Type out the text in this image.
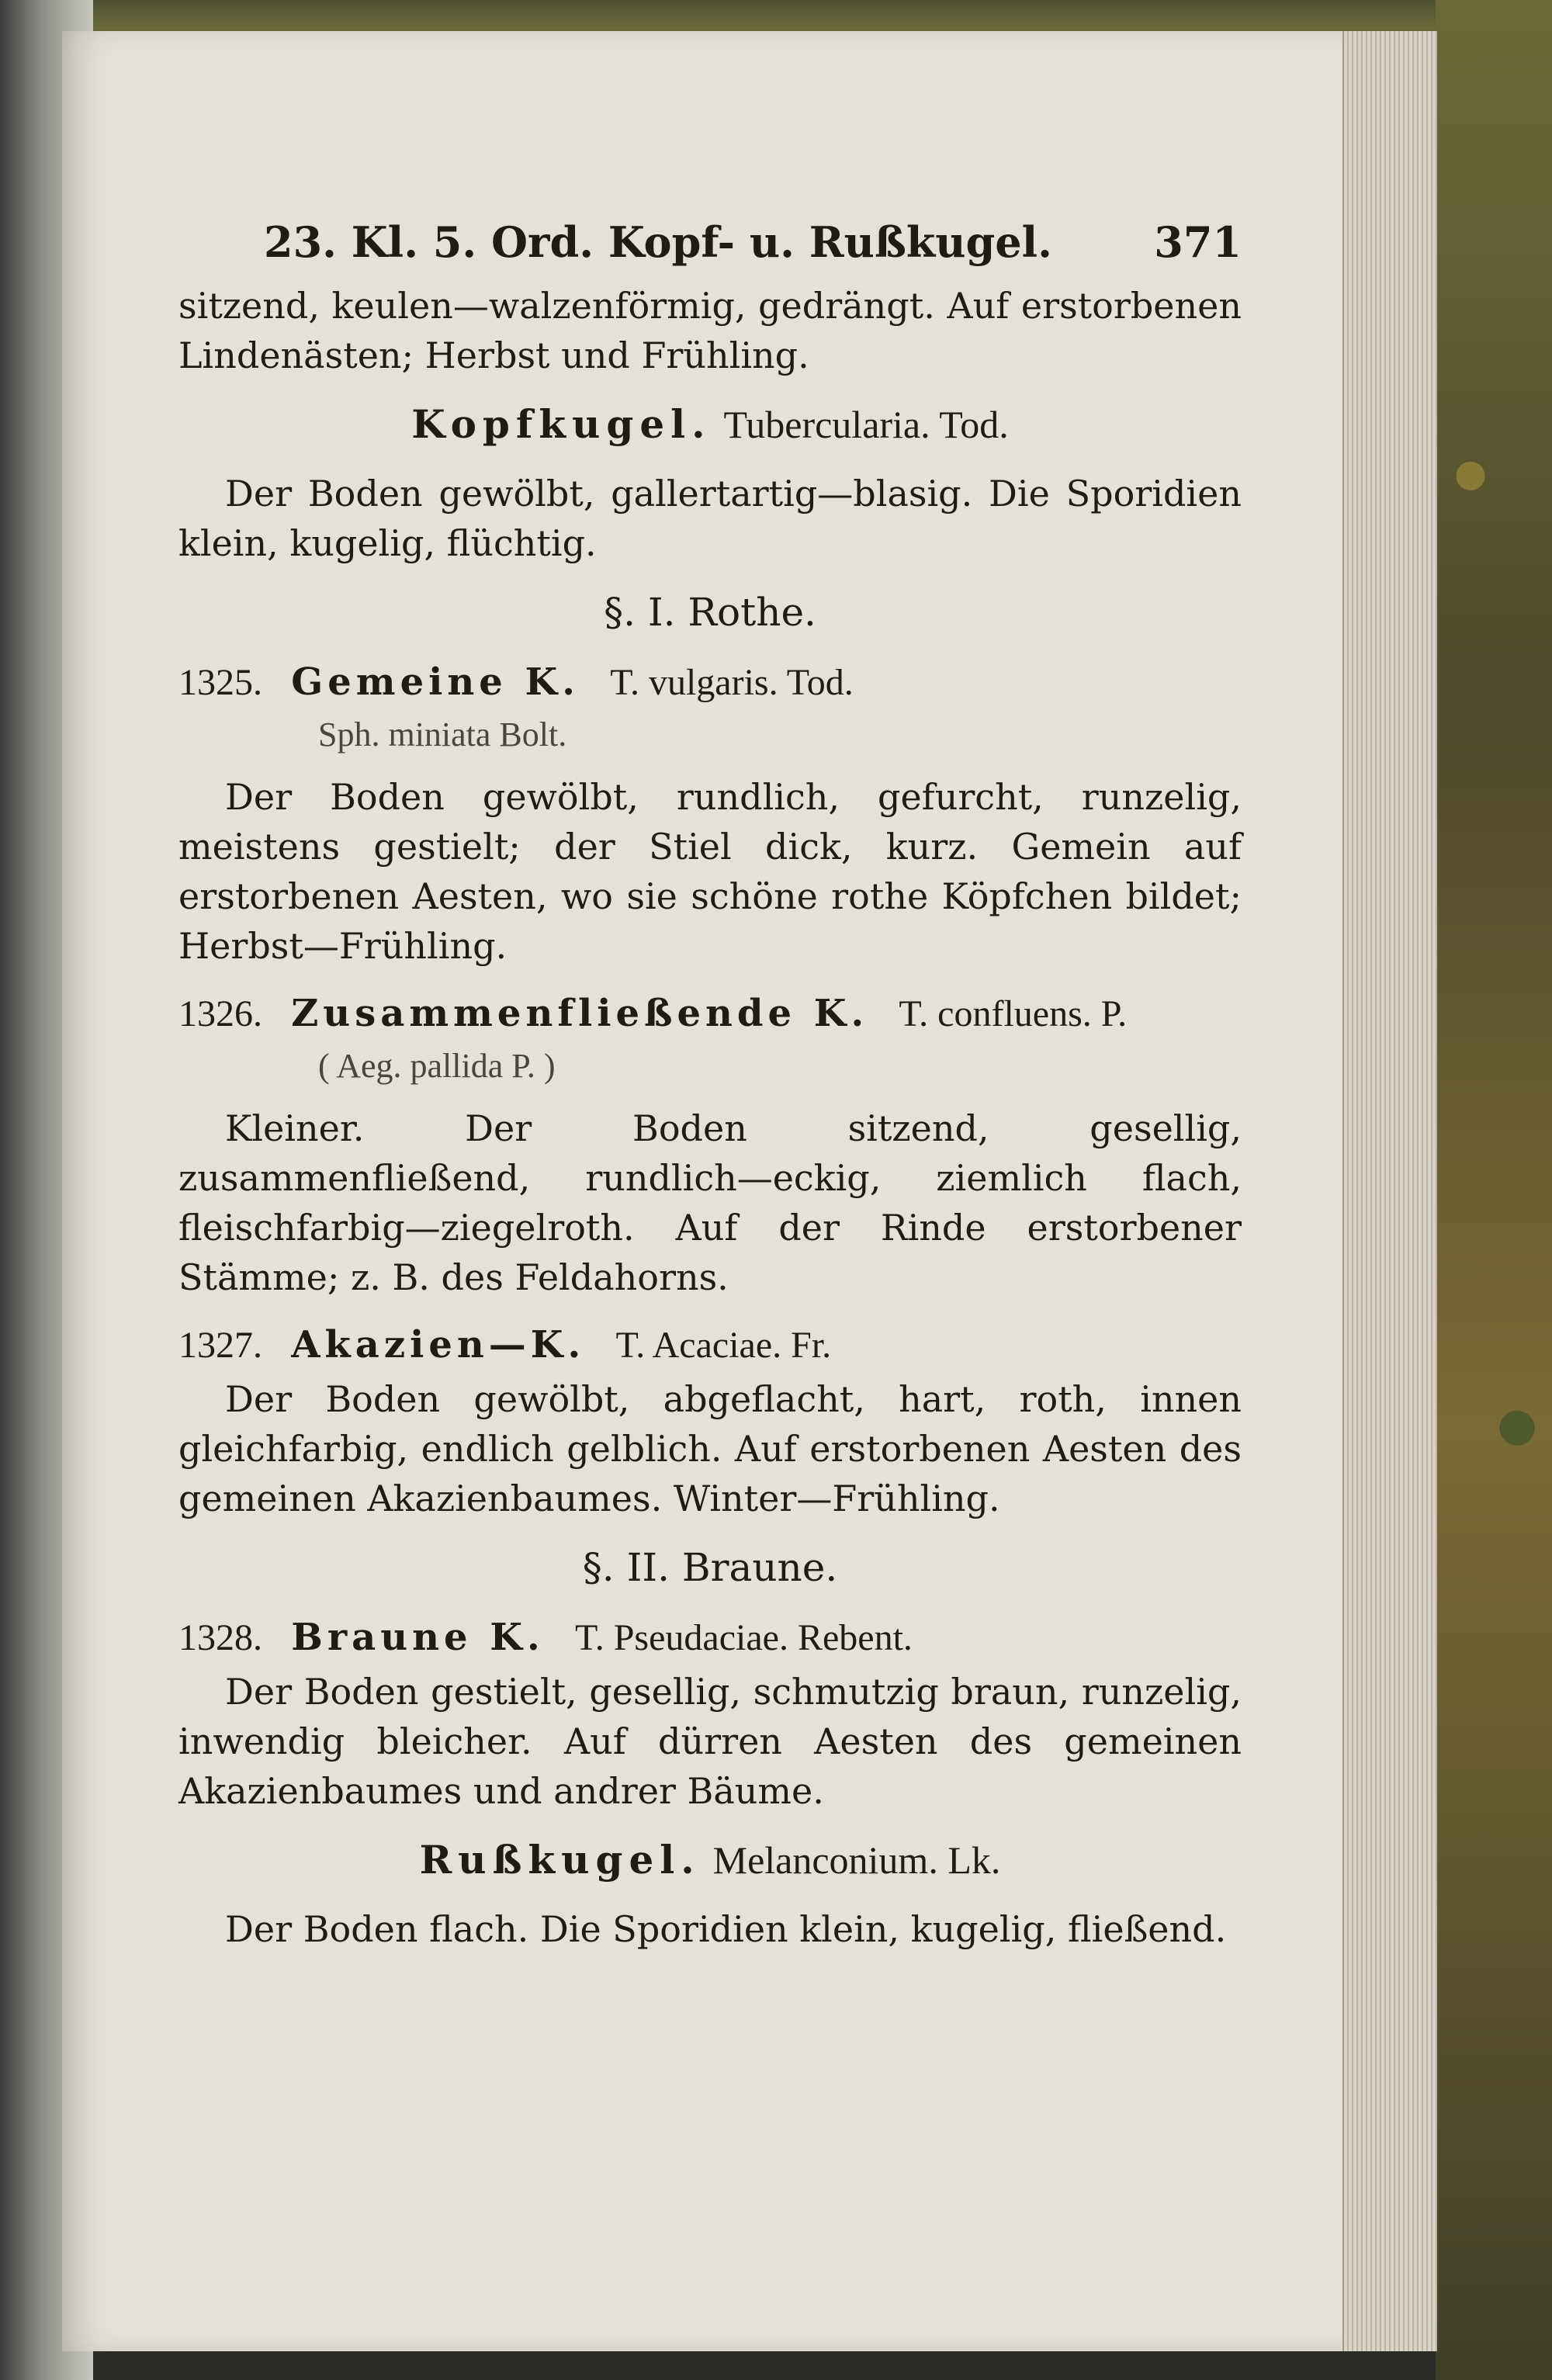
23. Kl. 5. Ord. Kopf- u. Rußkugel. 371

sitzend, keulen—walzenförmig, gedrängt. Auf erstorbenen Lindenästen; Herbst und Frühling.

Kopfkugel. Tubercularia. Tod.

Der Boden gewölbt, gallertartig—blasig. Die Sporidien klein, kugelig, flüchtig.

§. I. Rothe.
1325. Gemeine K. T. vulgaris. Tod.
Sph. miniata Bolt.

Der Boden gewölbt, rundlich, gefurcht, runzelig, meistens gestielt; der Stiel dick, kurz. Gemein auf erstorbenen Aesten, wo sie schöne rothe Köpfchen bildet; Herbst—Frühling.

1326. Zusammenfließende K. T. confluens. P.
( Aeg. pallida P. )

Kleiner. Der Boden sitzend, gesellig, zusammenfließend, rundlich—eckig, ziemlich flach, fleischfarbig—ziegelroth. Auf der Rinde erstorbener Stämme; z. B. des Feldahorns.

1327. Akazien—K. T. Acaciae. Fr.

Der Boden gewölbt, abgeflacht, hart, roth, innen gleichfarbig, endlich gelblich. Auf erstorbenen Aesten des gemeinen Akazienbaumes. Winter—Frühling.

§. II. Braune.
1328. Braune K. T. Pseudaciae. Rebent.

Der Boden gestielt, gesellig, schmutzig braun, runzelig, inwendig bleicher. Auf dürren Aesten des gemeinen Akazienbaumes und andrer Bäume.

Rußkugel. Melanconium. Lk.

Der Boden flach. Die Sporidien klein, kugelig, fließend.
